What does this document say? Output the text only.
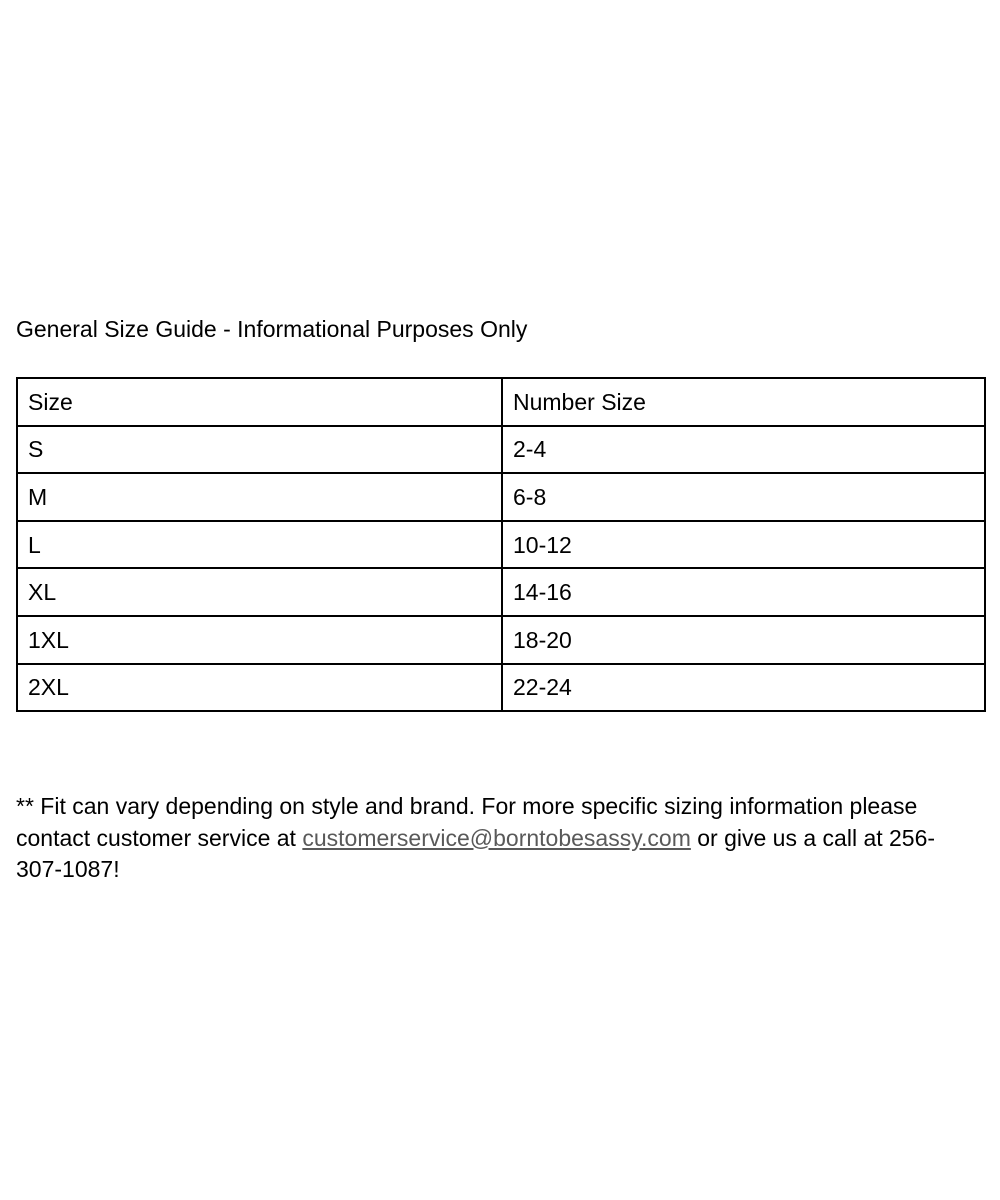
General Size Guide - Informational Purposes Only
Size	Number Size
S	2-4
M	6-8
L	10-12
XL	14-16
1XL	18-20
2XL	22-24

** Fit can vary depending on style and brand. For more specific sizing information please contact customer service at customerservice@borntobesassy.com or give us a call at 256-307-1087!
